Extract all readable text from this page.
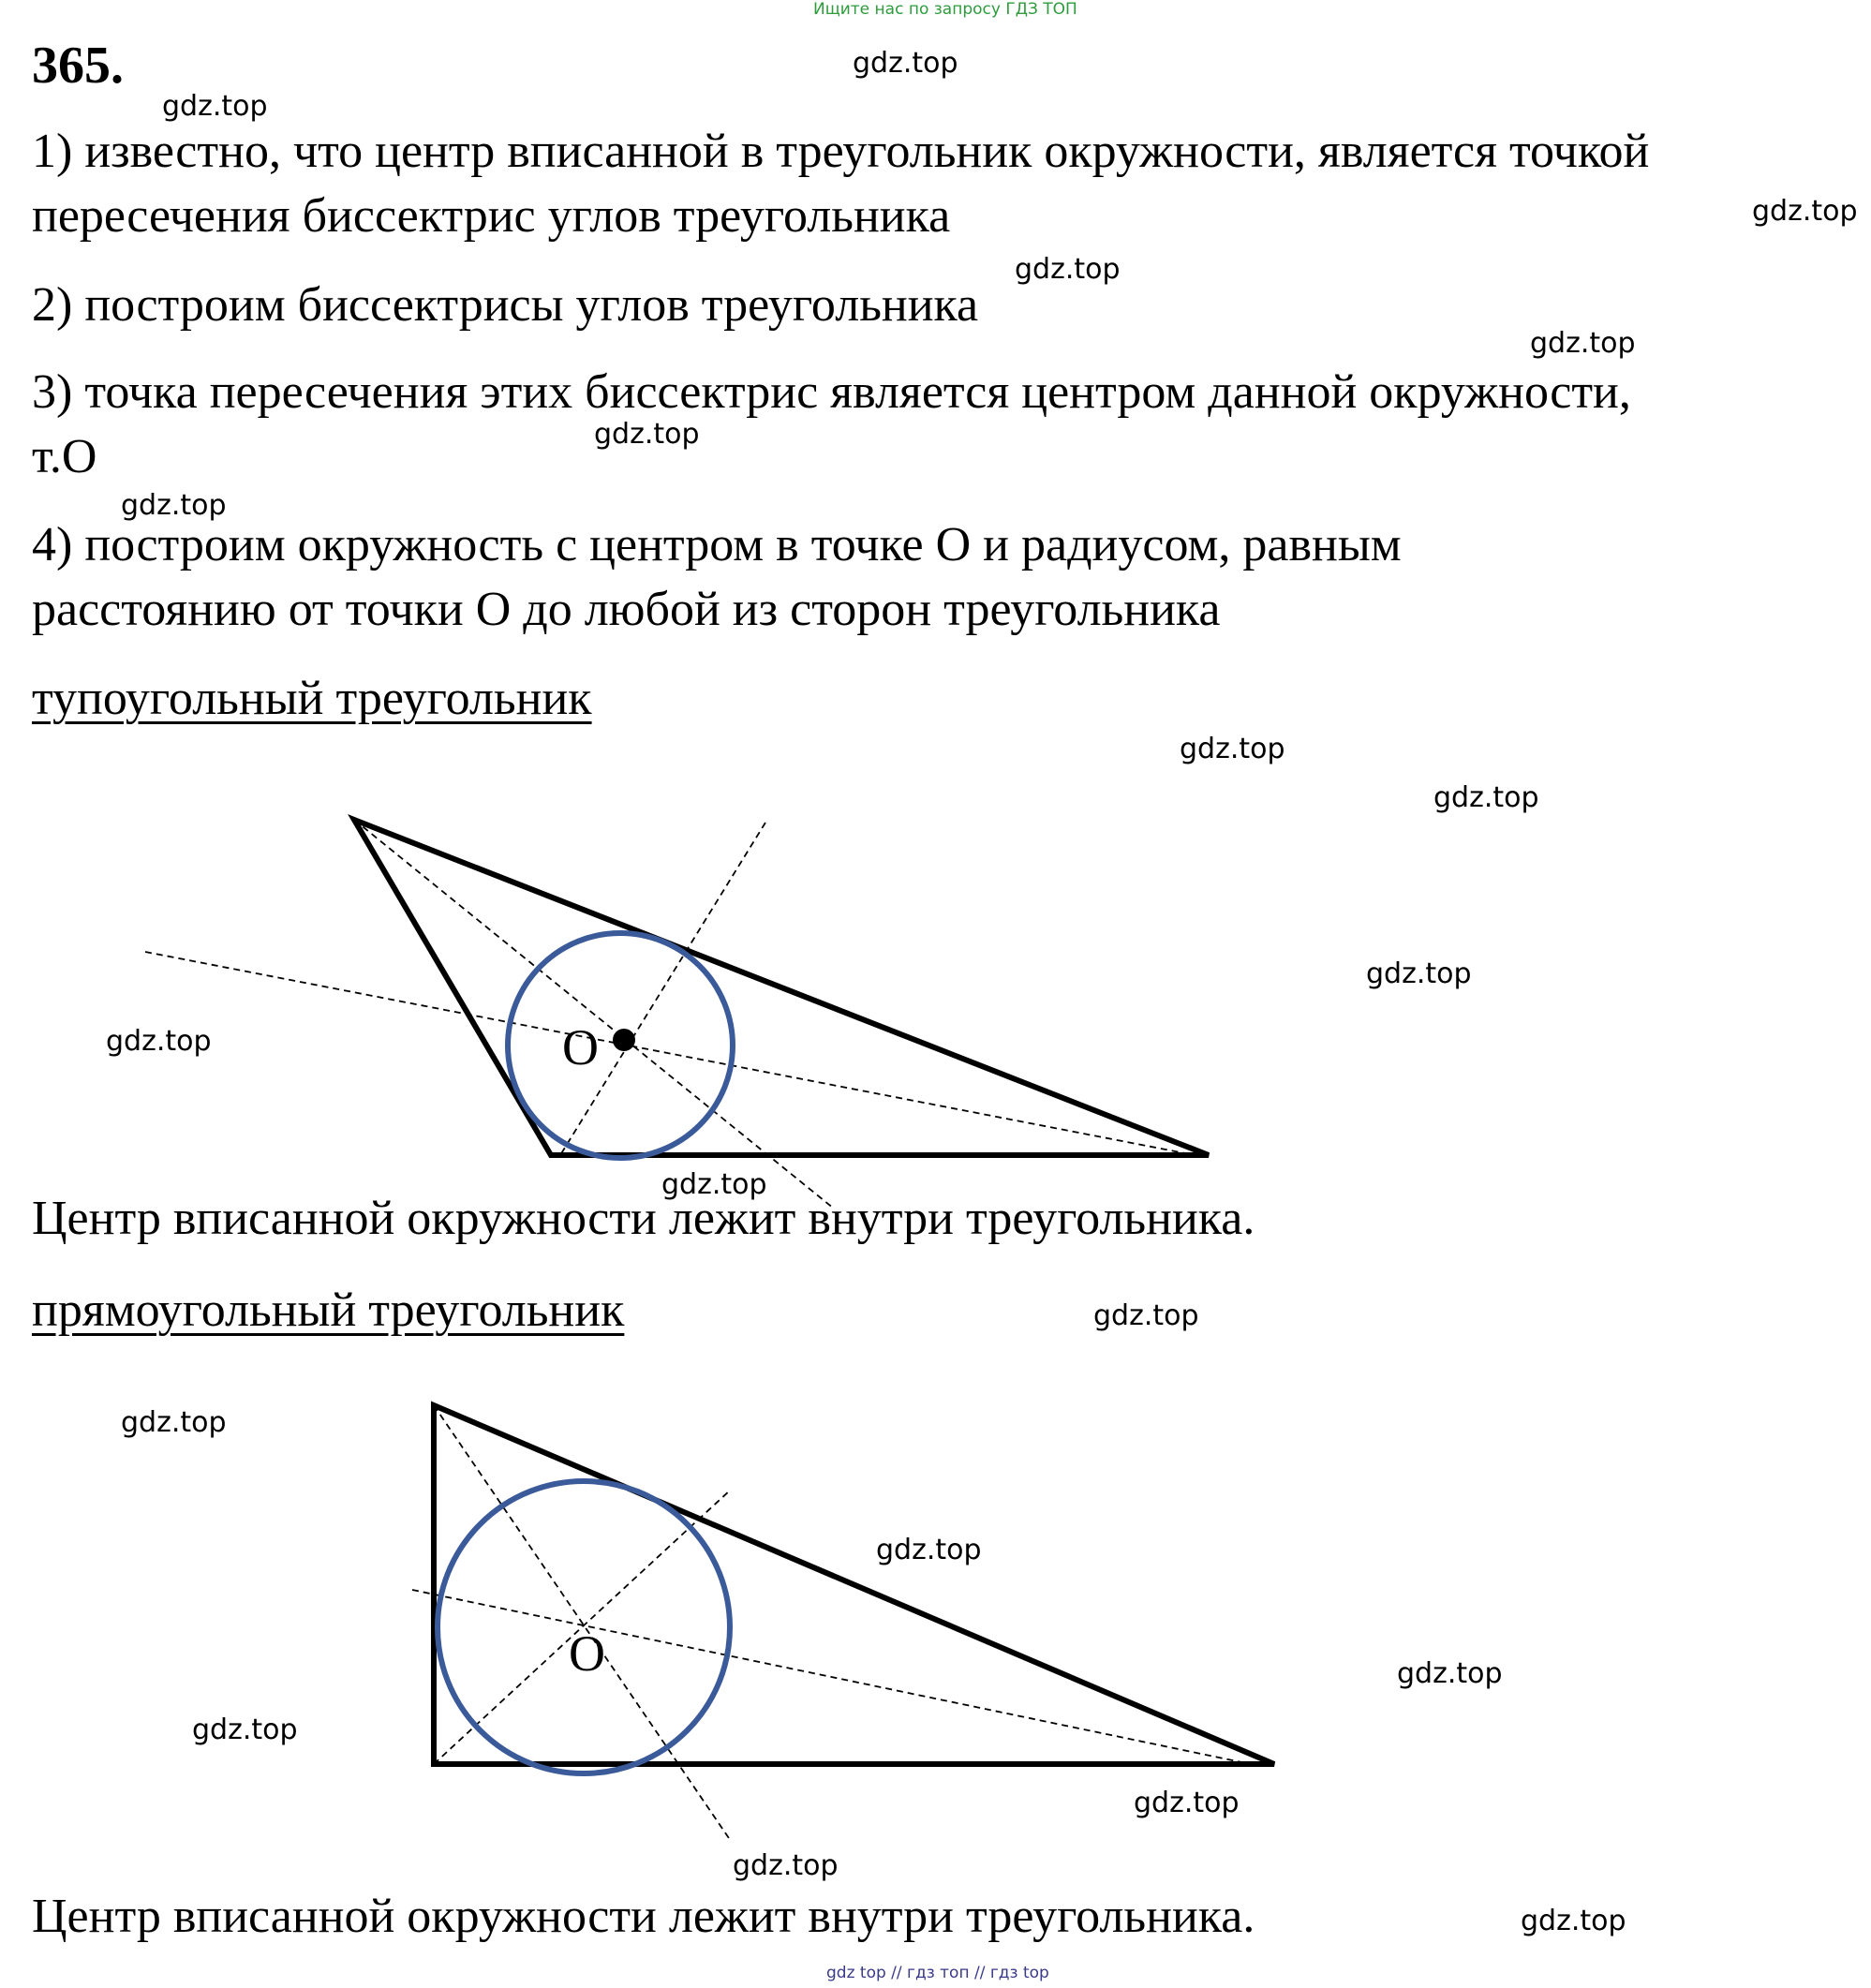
Ищите нас по запросу ГДЗ ТОП
365.
1) известно, что центр вписанной в треугольник окружности, является точкой
пересечения биссектрис углов треугольника
2) построим биссектрисы углов треугольника
3) точка пересечения этих биссектрис является центром данной окружности,
т.О
4) построим окружность с центром в точке О и радиусом, равным
расстоянию от точки О до любой из сторон треугольника
тупоугольный треугольник
O
O
Центр вписанной окружности лежит внутри треугольника.
прямоугольный треугольник
Центр вписанной окружности лежит внутри треугольника.
gdz.top
gdz.top
gdz.top
gdz.top
gdz.top
gdz.top
gdz.top
gdz.top
gdz.top
gdz.top
gdz.top
gdz.top
gdz.top
gdz.top
gdz.top
gdz.top
gdz.top
gdz.top
gdz.top
gdz.top
gdz top // гдз топ // гдз top
